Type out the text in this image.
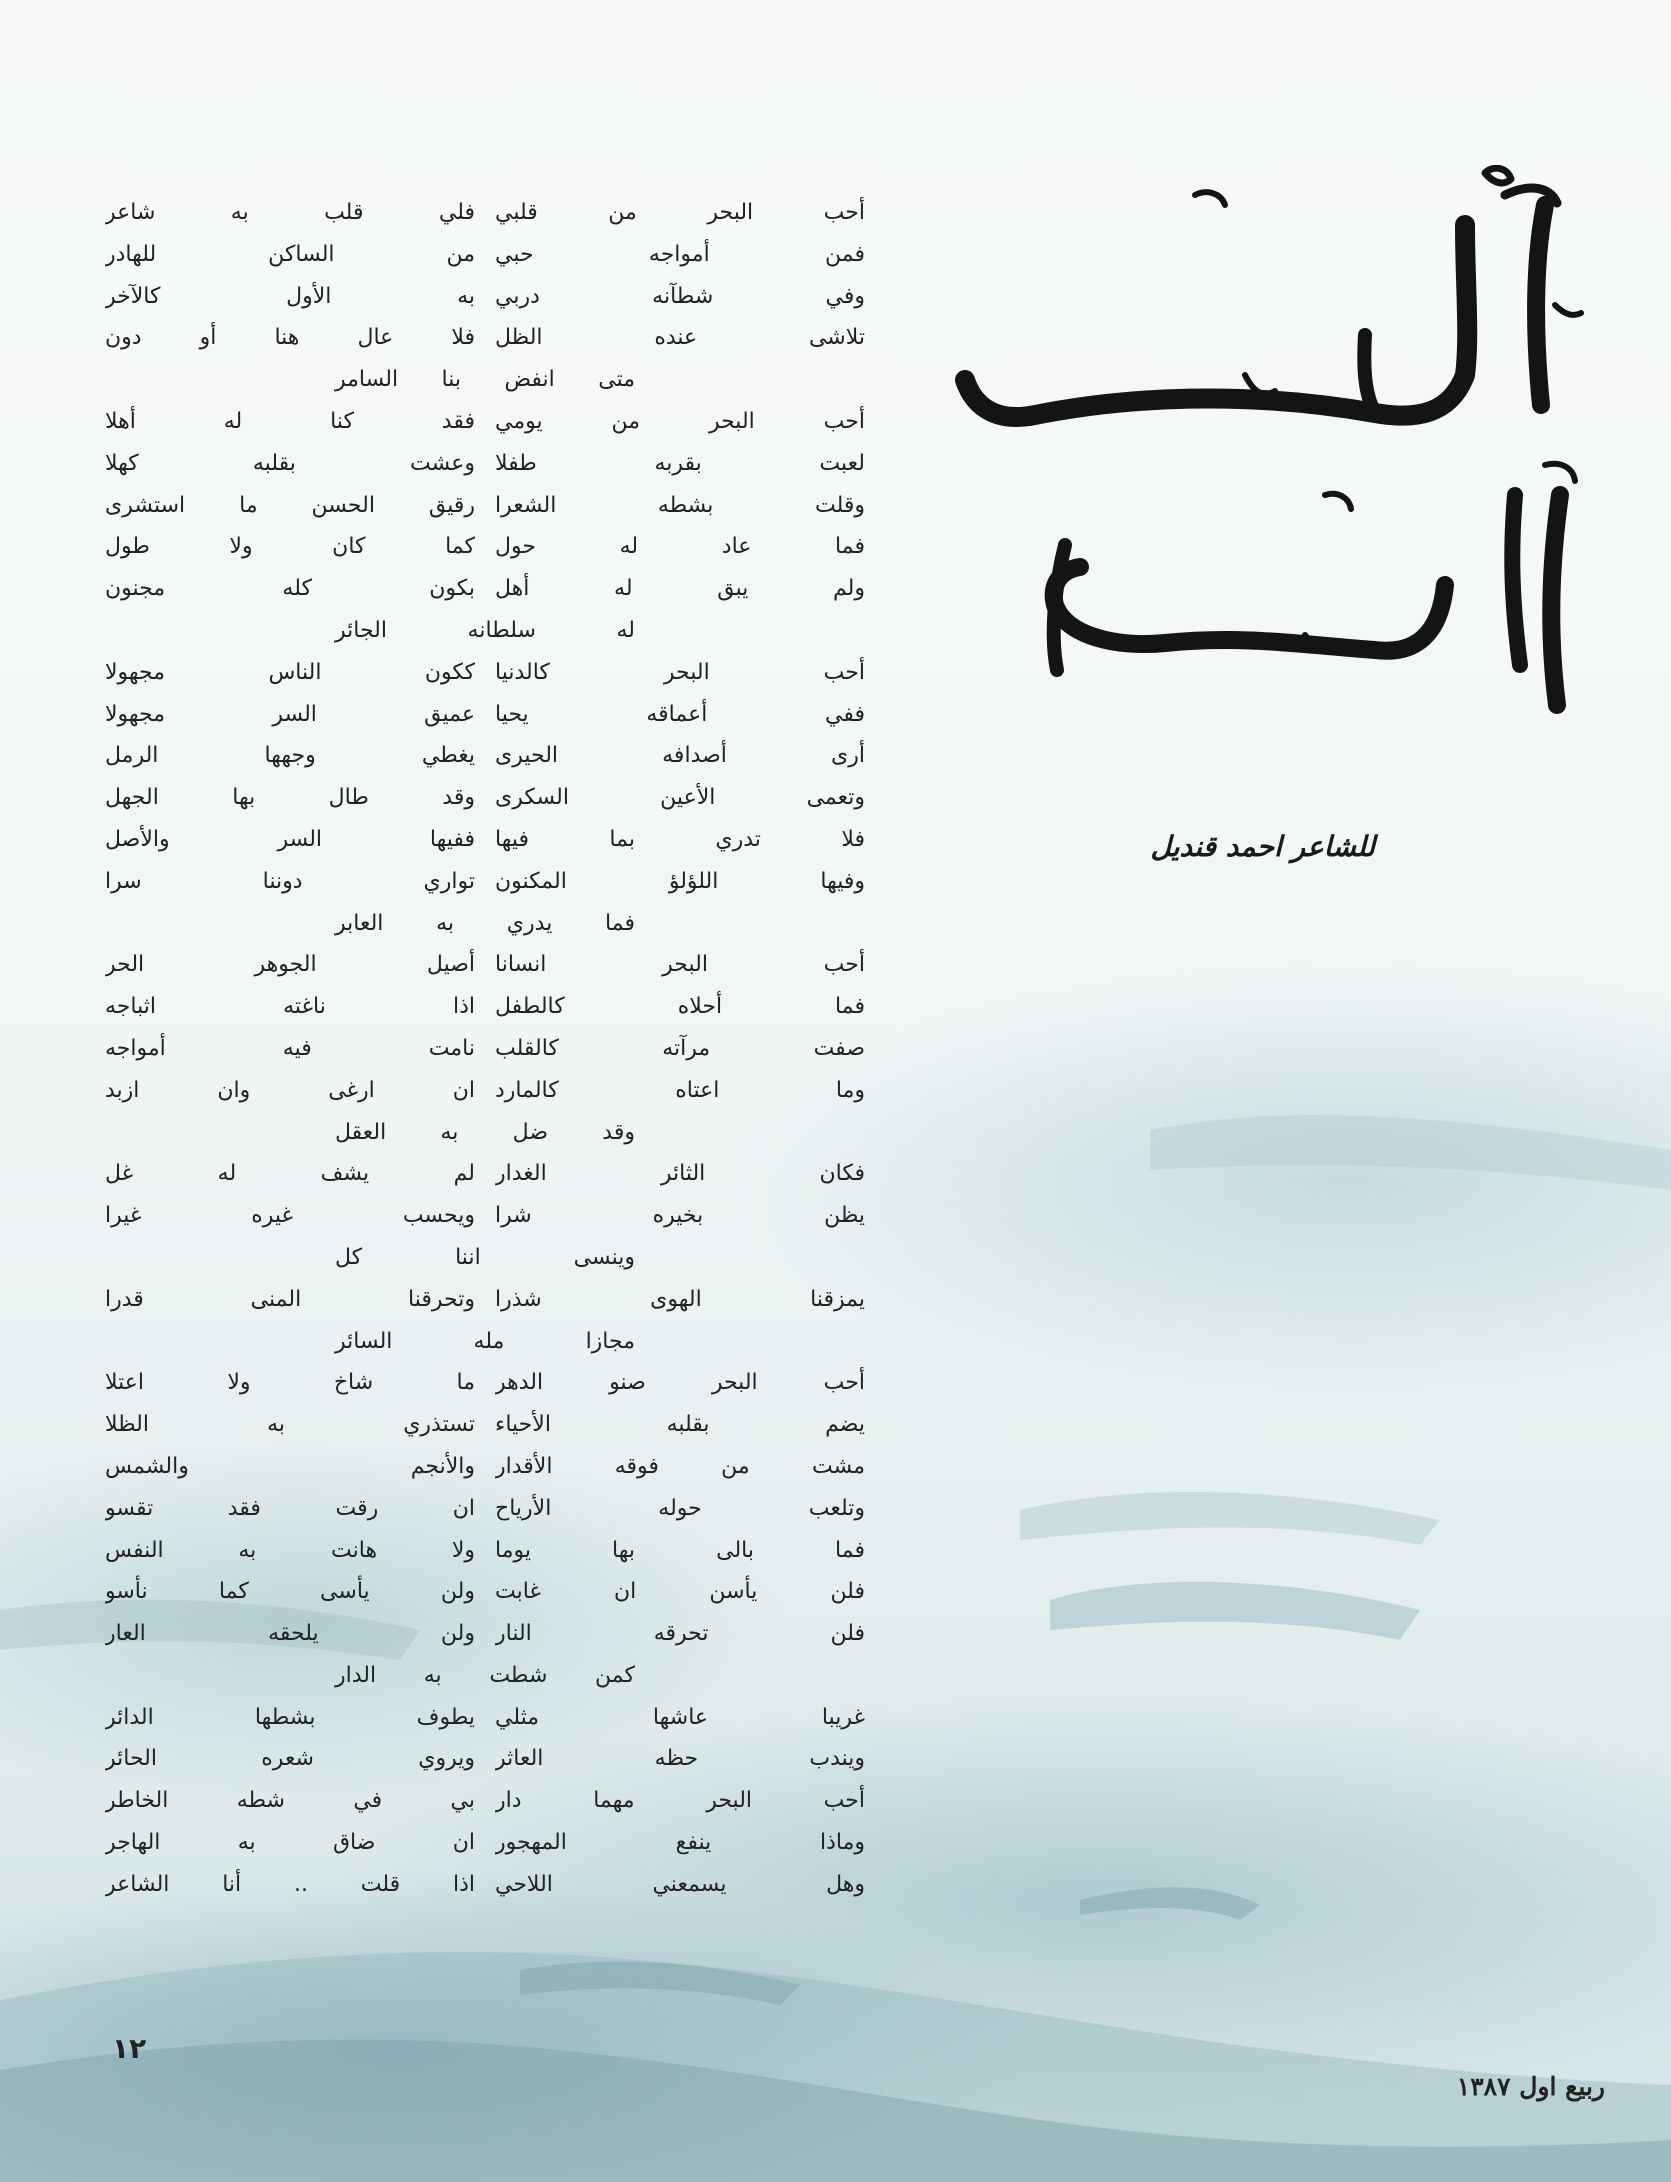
للشاعر احمد قنديل
أحب البحر من قلبي
فلي قلب به شاعر
فمن أمواجه حبي
من الساكن للهادر
وفي شطآنه دربي
به الأول كالآخر
تلاشى عنده الظل
فلا عال هنا أو دون
متى انفض بنا السامر
أحب البحر من يومي
فقد كنا له أهلا
لعبت بقربه طفلا
وعشت بقلبه كهلا
وقلت بشطه الشعرا
رقيق الحسن ما استشرى
فما عاد له حول
كما كان ولا طول
ولم يبق له أهل
بكون كله مجنون
له سلطانه الجائر
أحب البحر كالدنيا
ككون الناس مجهولا
ففي أعماقه يحيا
عميق السر مجهولا
أرى أصدافه الحيرى
يغطي وجهها الرمل
وتعمى الأعين السكرى
وقد طال بها الجهل
فلا تدري بما فيها
ففيها السر والأصل
وفيها اللؤلؤ المكنون
تواري دوننا سرا
فما يدري به العابر
أحب البحر انسانا
أصيل الجوهر الحر
فما أحلاه كالطفل
اذا ناغته اثباجه
صفت مرآته كالقلب
نامت فيه أمواجه
وما اعتاه كالمارد
ان ارغى وان ازبد
وقد ضل به العقل
فكان الثائر الغدار
لم يشف له غل
يظن بخيره شرا
ويحسب غيره غيرا
وينسى اننا كل
يمزقنا الهوى شذرا
وتحرقنا المنى قدرا
مجازا مله السائر
أحب البحر صنو الدهر
ما شاخ ولا اعتلا
يضم بقلبه الأحياء
تستذري به الظلا
مشت من فوقه الأقدار
والأنجم والشمس
وتلعب حوله الأرياح
ان رقت فقد تقسو
فما بالى بها يوما
ولا هانت به النفس
فلن يأسن ان غابت
ولن يأسى كما نأسو
فلن تحرقه النار
ولن يلحقه العار
كمن شطت به الدار
غريبا عاشها مثلي
يطوف بشطها الدائر
ويندب حظه العاثر
ويروي شعره الحائر
أحب البحر مهما دار
بي في شطه الخاطر
وماذا ينفع المهجور
ان ضاق به الهاجر
وهل يسمعني اللاحي
اذا قلت .. أنا الشاعر
١٢
ربيع اول ١٣٨٧
